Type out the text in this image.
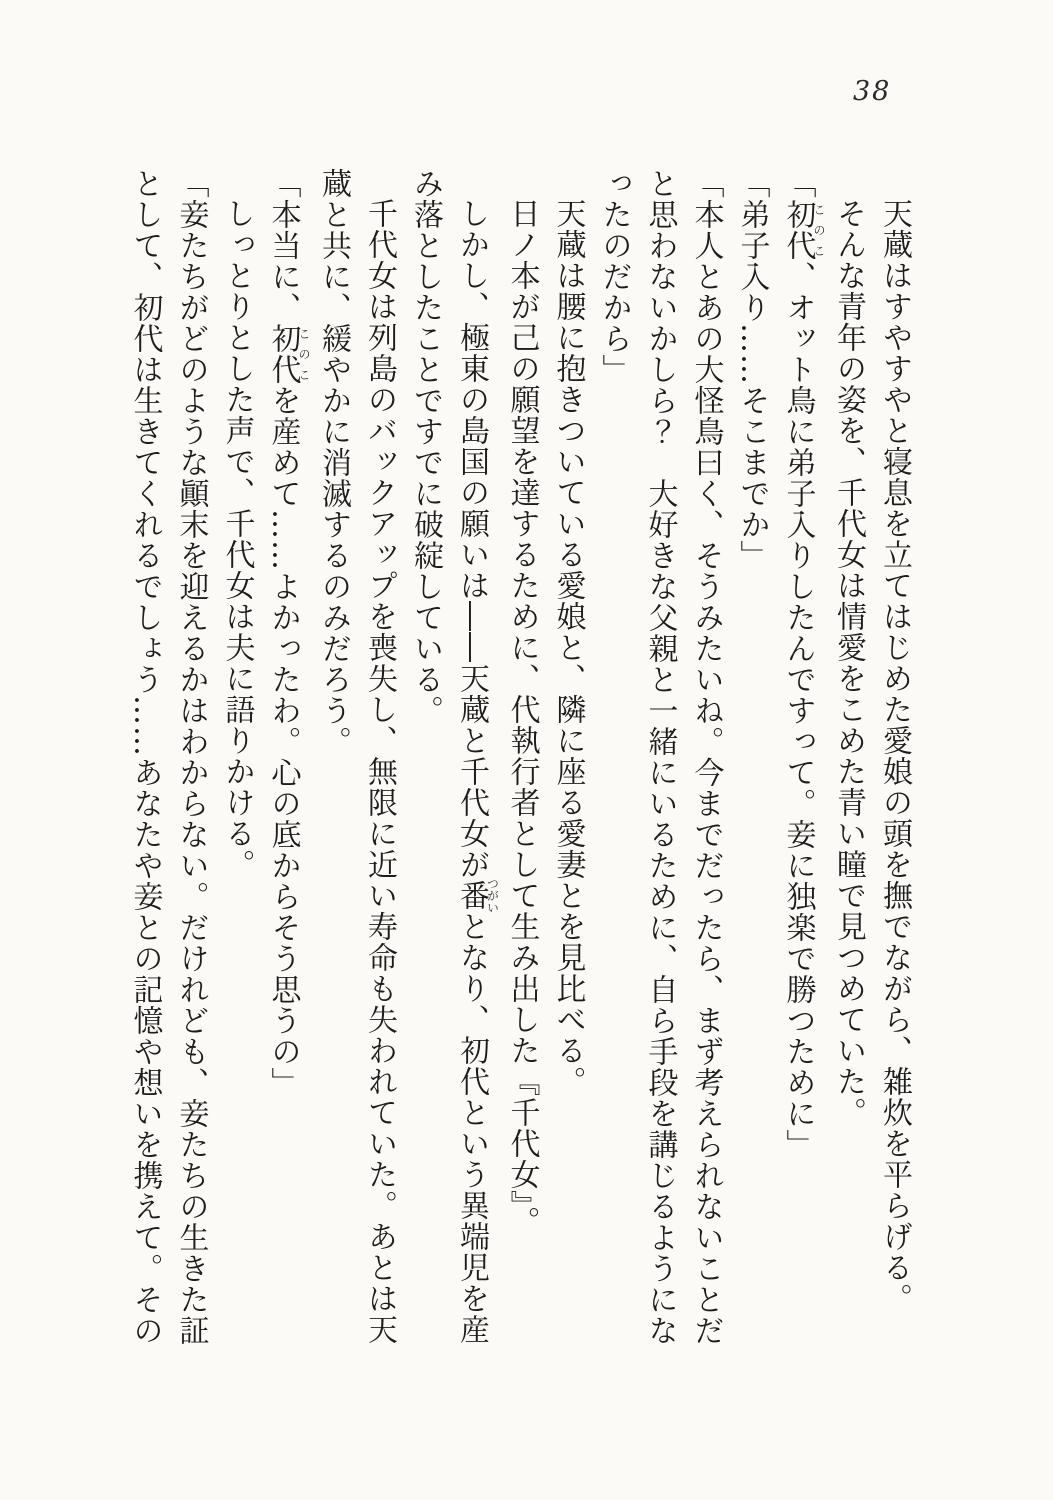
38

天蔵はすやすやと寝息を立てはじめた愛娘の頭を撫でながら、雑炊を平らげる。

そんな青年の姿を、千代女は情愛をこめた青い瞳で見つめていた。

「初代このこ、オット鳥に弟子入りしたんですって。妾に独楽で勝つために」

「弟子入り……そこまでか」

「本人とあの大怪鳥曰く、そうみたいね。今までだったら、まず考えられないことだと思わないかしら？　大好きな父親と一緒にいるために、自ら手段を講じるようになったのだから」

天蔵は腰に抱きついている愛娘と、隣に座る愛妻とを見比べる。

日ノ本が己の願望を達するために、代執行者として生み出した『千代女』。

しかし、極東の島国の願いは――天蔵と千代女が番つがいとなり、初代という異端児を産み落としたことですでに破綻している。

千代女は列島のバックアップを喪失し、無限に近い寿命も失われていた。あとは天蔵と共に、緩やかに消滅するのみだろう。

「本当に、初代このこを産めて……よかったわ。心の底からそう思うの」

しっとりとした声で、千代女は夫に語りかける。

「妾たちがどのような顚末を迎えるかはわからない。だけれども、妾たちの生きた証として、初代は生きてくれるでしょう……あなたや妾との記憶や想いを携えて。その
